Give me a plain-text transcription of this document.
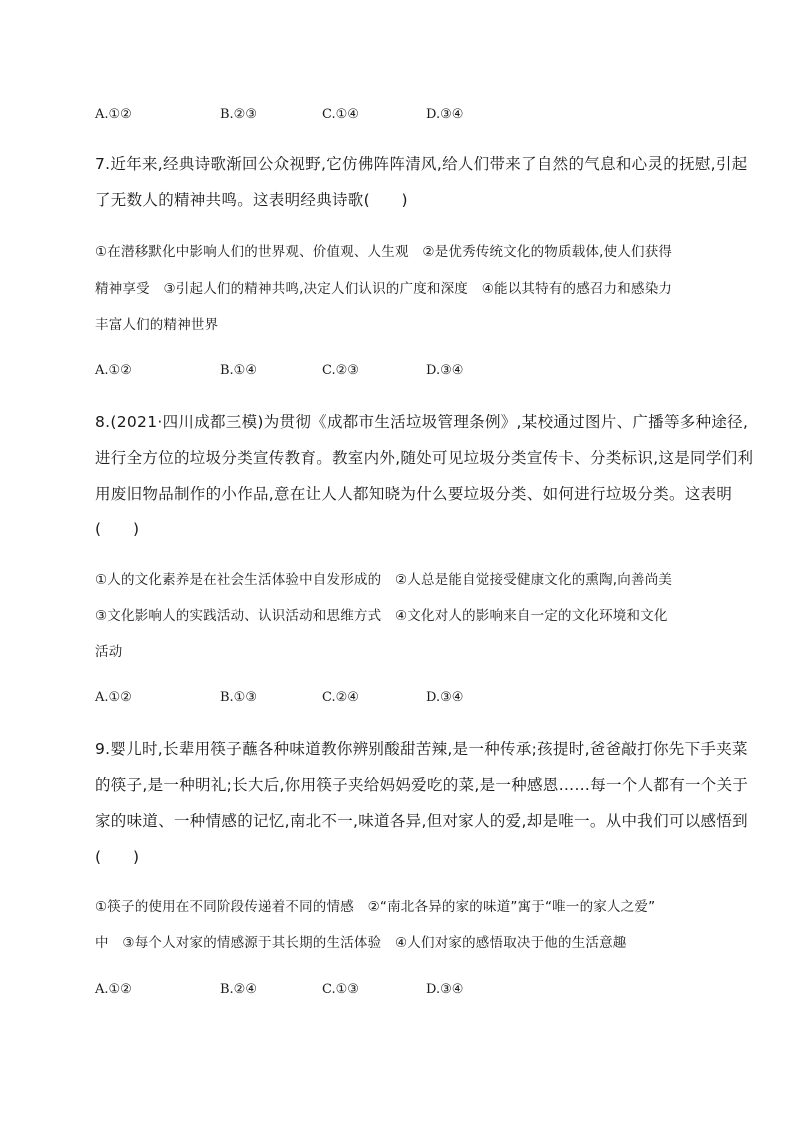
A.①②	B.②③	C.①④	D.③④
7.近年来,经典诗歌渐回公众视野,它仿佛阵阵清风,给人们带来了自然的气息和心灵的抚慰,引起
了无数人的精神共鸣。这表明经典诗歌(　　)
①在潜移默化中影响人们的世界观、价值观、人生观　②是优秀传统文化的物质载体,使人们获得
精神享受　③引起人们的精神共鸣,决定人们认识的广度和深度　④能以其特有的感召力和感染力
丰富人们的精神世界
A.①②	B.①④	C.②③	D.③④
8.(2021·四川成都三模)为贯彻《成都市生活垃圾管理条例》,某校通过图片、广播等多种途径,
进行全方位的垃圾分类宣传教育。教室内外,随处可见垃圾分类宣传卡、分类标识,这是同学们利
用废旧物品制作的小作品,意在让人人都知晓为什么要垃圾分类、如何进行垃圾分类。这表明
(　　)
①人的文化素养是在社会生活体验中自发形成的　②人总是能自觉接受健康文化的熏陶,向善尚美
③文化影响人的实践活动、认识活动和思维方式　④文化对人的影响来自一定的文化环境和文化
活动
A.①②	B.①③	C.②④	D.③④
9.婴儿时,长辈用筷子蘸各种味道教你辨别酸甜苦辣,是一种传承;孩提时,爸爸敲打你先下手夹菜
的筷子,是一种明礼;长大后,你用筷子夹给妈妈爱吃的菜,是一种感恩……每一个人都有一个关于
家的味道、一种情感的记忆,南北不一,味道各异,但对家人的爱,却是唯一。从中我们可以感悟到
(　　)
①筷子的使用在不同阶段传递着不同的情感　②“南北各异的家的味道”寓于“唯一的家人之爱”
中　③每个人对家的情感源于其长期的生活体验　④人们对家的感悟取决于他的生活意趣
A.①②	B.②④	C.①③	D.③④
